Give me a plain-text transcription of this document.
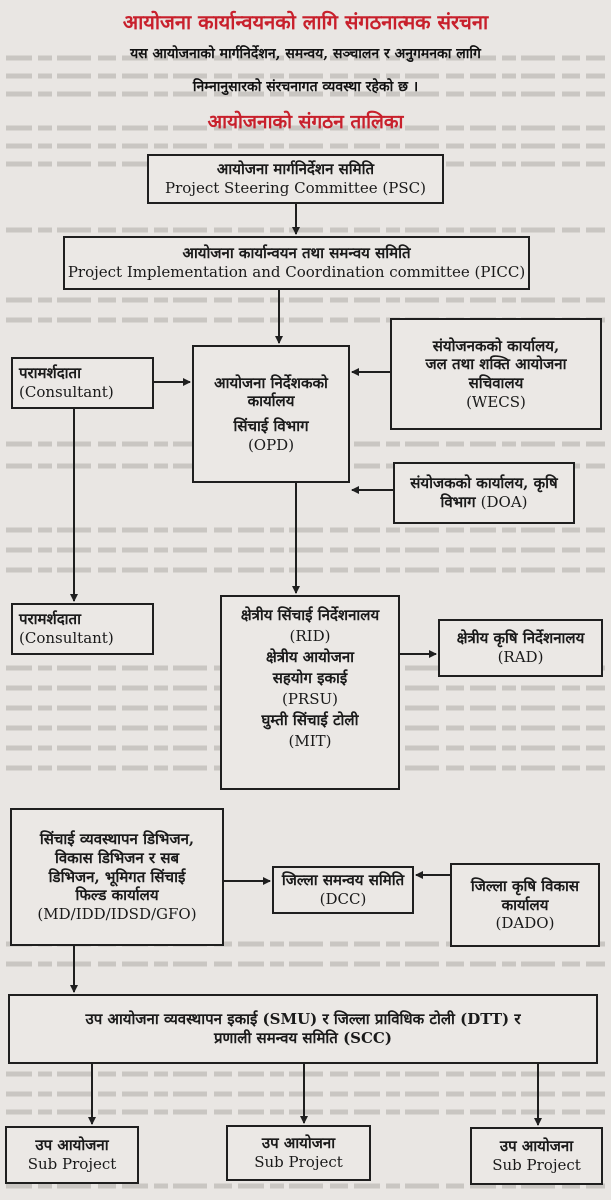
आयोजना कार्यान्वयनको लागि संगठनात्मक संरचना
यस आयोजनाको मार्गनिर्देशन, समन्वय, सञ्चालन र अनुगमनका लागि
निम्नानुसारको संरचनागत व्यवस्था रहेको छ ।
आयोजनाको संगठन तालिका
आयोजना मार्गनिर्देशन समिति
Project Steering Committee (PSC)
आयोजना कार्यान्वयन तथा समन्वय समिति
Project Implementation and Coordination committee (PICC)
परामर्शदाता
(Consultant)
आयोजना निर्देशकको
कार्यालय
सिंचाई विभाग
(OPD)
संयोजनकको कार्यालय,
जल तथा शक्ति आयोजना
सचिवालय
(WECS)
संयोजकको कार्यालय, कृषि
विभाग (DOA)
परामर्शदाता
(Consultant)
क्षेत्रीय सिंचाई निर्देशनालय
(RID)
क्षेत्रीय आयोजना
सहयोग इकाई
(PRSU)
घुम्ती सिंचाई टोली
(MIT)
क्षेत्रीय कृषि निर्देशनालय
(RAD)
सिंचाई व्यवस्थापन डिभिजन,
विकास डिभिजन र सब
डिभिजन, भूमिगत सिंचाई
फिल्ड कार्यालय
(MD/IDD/IDSD/GFO)
जिल्ला समन्वय समिति
(DCC)
जिल्ला कृषि विकास
कार्यालय
(DADO)
उप आयोजना व्यवस्थापन इकाई (SMU) र जिल्ला प्राविधिक टोली (DTT) र
प्रणाली समन्वय समिति (SCC)
उप आयोजना
Sub Project
उप आयोजना
Sub Project
उप आयोजना
Sub Project
